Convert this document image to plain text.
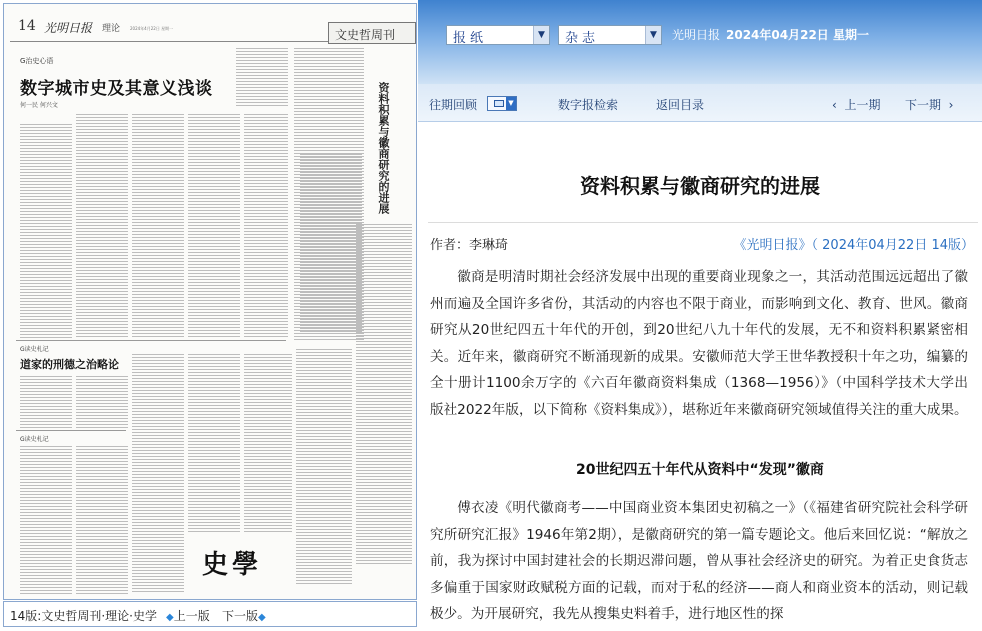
14 光明日报 理论 2024年4月22日 星期一	文史哲周刊
G治史心语
数字城市史及其意义浅谈
何一民 何兴文	资料积累与徽商研究的进展
G读史札记
道家的刑德之治略论
G读史札记
史學
14版:文史哲周刊·理论·史学 ◆上一版 下一版◆
报纸	▼	杂志	▼	光明日报 2024年04月22日 星期一
往期回顾	▼	数字报检索	返回目录	‹ 上一期 下一期 ›
资料积累与徽商研究的进展
作者：李琳琦	《光明日报》（ 2024年04月22日 14版）

徽商是明清时期社会经济发展中出现的重要商业现象之一，其活动范围远远超出了徽州而遍及全国许多省份，其活动的内容也不限于商业，而影响到文化、教育、世风。徽商研究从20世纪四五十年代的开创，到20世纪八九十年代的发展，无不和资料积累紧密相关。近年来，徽商研究不断涌现新的成果。安徽师范大学王世华教授积十年之功，编纂的全十册计1100余万字的《六百年徽商资料集成（1368—1956）》（中国科学技术大学出版社2022年版，以下简称《资料集成》），堪称近年来徽商研究领域值得关注的重大成果。

20世纪四五十年代从资料中“发现”徽商

傅衣凌《明代徽商考——中国商业资本集团史初稿之一》（《福建省研究院社会科学研究所研究汇报》1946年第2期），是徽商研究的第一篇专题论文。他后来回忆说：“解放之前，我为探讨中国封建社会的长期迟滞问题，曾从事社会经济史的研究。为着正史食货志多偏重于国家财政赋税方面的记载，而对于私的经济——商人和商业资本的活动，则记载极少。为开展研究，我先从搜集史料着手，进行地区性的探
